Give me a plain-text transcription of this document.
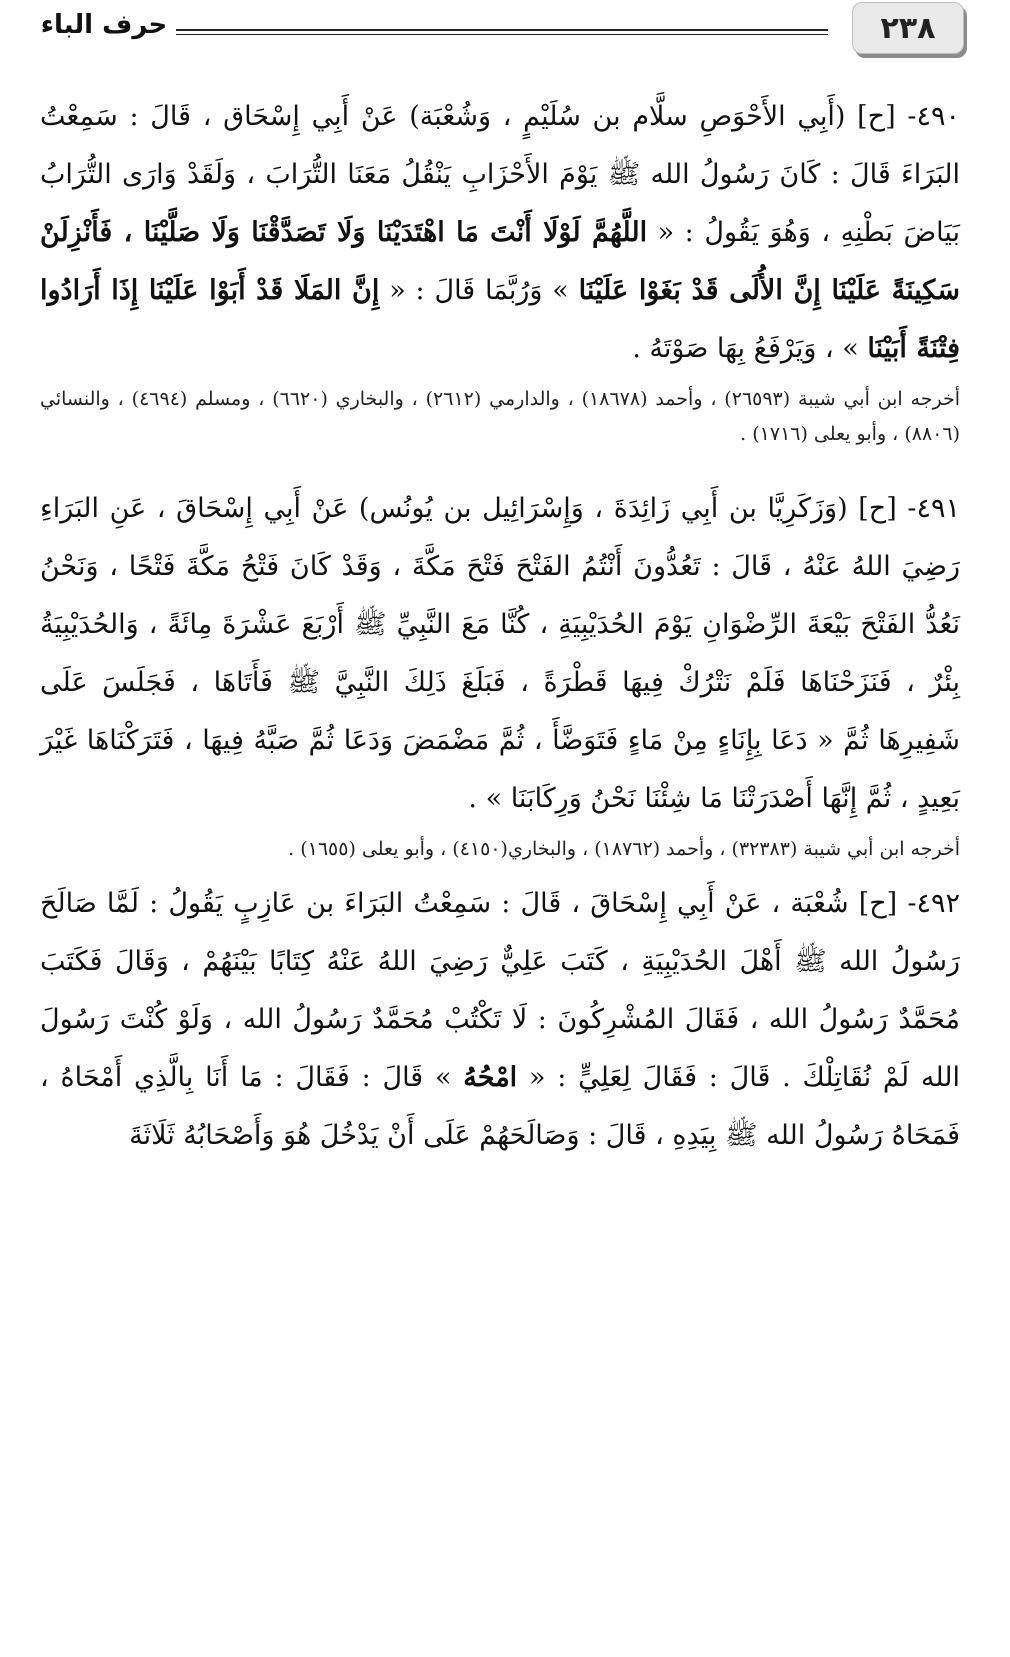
٢٣٨
حرف الباء
٤٩٠- [ح] (أَبِي الأَحْوَصِ سلَّام بن سُلَيْمٍ ، وَشُعْبَة) عَنْ أَبِي إِسْحَاق ، قَالَ : سَمِعْتُ البَرَاءَ قَالَ : كَانَ رَسُولُ الله ﷺ يَوْمَ الأَحْزَابِ يَنْقُلُ مَعَنَا التُّرَابَ ، وَلَقَدْ وَارَى التُّرَابُ بَيَاضَ بَطْنِهِ ، وَهُوَ يَقُولُ : « اللَّهُمَّ لَوْلَا أَنْتَ مَا اهْتَدَيْنَا وَلَا تَصَدَّقْنَا وَلَا صَلَّيْنَا ، فَأَنْزِلَنْ سَكِينَةً عَلَيْنَا إِنَّ الأُلَى قَدْ بَغَوْا عَلَيْنَا » وَرُبَّمَا قَالَ : « إِنَّ المَلَا قَدْ أَبَوْا عَلَيْنَا إِذَا أَرَادُوا فِتْنَةً أَبَيْنَا » ، وَيَرْفَعُ بِهَا صَوْتَهُ .
أخرجه ابن أبي شيبة (٢٦٥٩٣) ، وأحمد (١٨٦٧٨) ، والدارمي (٢٦١٢) ، والبخاري (٦٦٢٠) ، ومسلم (٤٦٩٤) ، والنسائي (٨٨٠٦) ، وأبو يعلى (١٧١٦) .
٤٩١- [ح] (وَزَكَرِيَّا بن أَبِي زَائِدَةَ ، وَإِسْرَائِيل بن يُونُس) عَنْ أَبِي إِسْحَاقَ ، عَنِ البَرَاءِ رَضِيَ اللهُ عَنْهُ ، قَالَ : تَعُدُّونَ أَنْتُمُ الفَتْحَ فَتْحَ مَكَّةَ ، وَقَدْ كَانَ فَتْحُ مَكَّةَ فَتْحًا ، وَنَحْنُ نَعُدُّ الفَتْحَ بَيْعَةَ الرِّضْوَانِ يَوْمَ الحُدَيْبِيَةِ ، كُنَّا مَعَ النَّبِيِّ ﷺ أَرْبَعَ عَشْرَةَ مِائَةً ، وَالحُدَيْبِيَةُ بِئْرٌ ، فَنَزَحْنَاهَا فَلَمْ نَتْرُكْ فِيهَا قَطْرَةً ، فَبَلَغَ ذَلِكَ النَّبِيَّ ﷺ فَأَتَاهَا ، فَجَلَسَ عَلَى شَفِيرِهَا ثُمَّ « دَعَا بِإِنَاءٍ مِنْ مَاءٍ فَتَوَضَّأَ ، ثُمَّ مَضْمَضَ وَدَعَا ثُمَّ صَبَّهُ فِيهَا ، فَتَرَكْنَاهَا غَيْرَ بَعِيدٍ ، ثُمَّ إِنَّهَا أَصْدَرَتْنَا مَا شِئْنَا نَحْنُ وَرِكَابَنَا » .
أخرجه ابن أبي شيبة (٣٢٣٨٣) ، وأحمد (١٨٧٦٢) ، والبخاري(٤١٥٠) ، وأبو يعلى (١٦٥٥) .
٤٩٢- [ح] شُعْبَة ، عَنْ أَبِي إِسْحَاقَ ، قَالَ : سَمِعْتُ البَرَاءَ بن عَازِبٍ يَقُولُ : لَمَّا صَالَحَ رَسُولُ الله ﷺ أَهْلَ الحُدَيْبِيَةِ ، كَتَبَ عَلِيٌّ رَضِيَ اللهُ عَنْهُ كِتَابًا بَيْنَهُمْ ، وَقَالَ فَكَتَبَ مُحَمَّدٌ رَسُولُ الله ، فَقَالَ المُشْرِكُونَ : لَا تَكْتُبْ مُحَمَّدٌ رَسُولُ الله ، وَلَوْ كُنْتَ رَسُولَ الله لَمْ نُقَاتِلْكَ . قَالَ : فَقَالَ لِعَلِيٍّ : « امْحُهُ » قَالَ : فَقَالَ : مَا أَنَا بِالَّذِي أَمْحَاهُ ، فَمَحَاهُ رَسُولُ الله ﷺ بِيَدِهِ ، قَالَ : وَصَالَحَهُمْ عَلَى أَنْ يَدْخُلَ هُوَ وَأَصْحَابُهُ ثَلَاثَةَ
